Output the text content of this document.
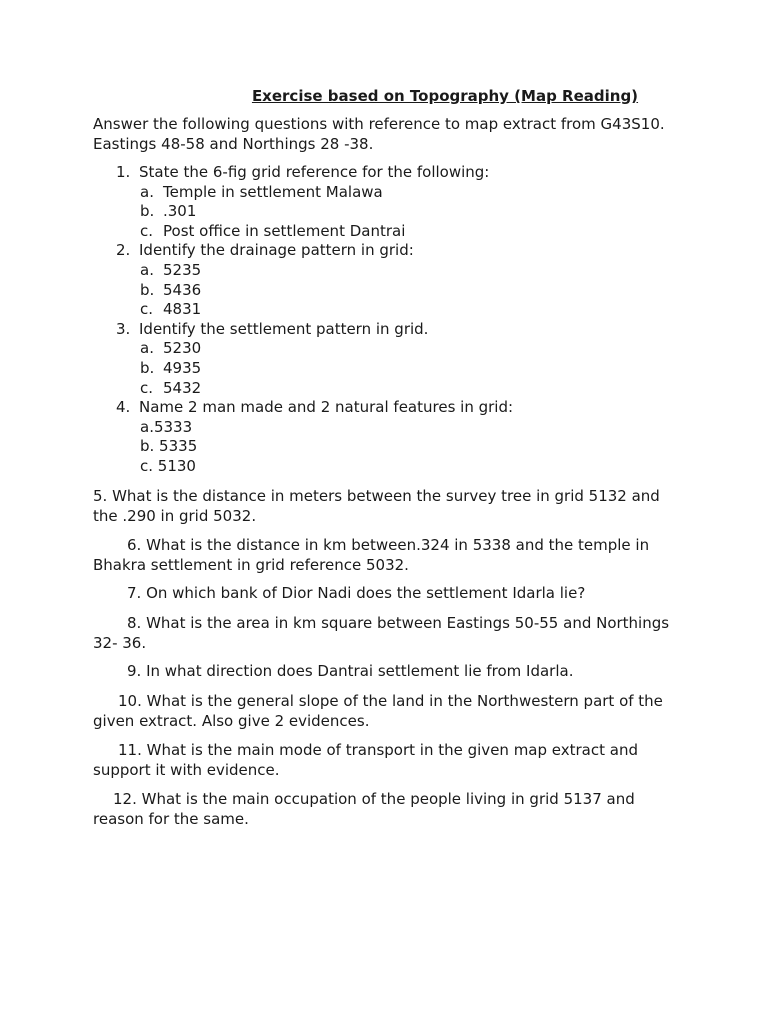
Exercise based on Topography (Map Reading)

Answer the following questions with reference to map extract from G43S10. Eastings 48-58 and Northings 28 -38.

1. State the 6-fig grid reference for the following:
a. Temple in settlement Malawa
b. .301
c. Post office in settlement Dantrai
2. Identify the drainage pattern in grid:
a. 5235
b. 5436
c. 4831
3. Identify the settlement pattern in grid.
a. 5230
b. 4935
c. 5432
4. Name 2 man made and 2 natural features in grid:
a.5333
b. 5335
c. 5130

5. What is the distance in meters between the survey tree in grid 5132 and the .290 in grid 5032.

6. What is the distance in km between.324 in 5338 and the temple in Bhakra settlement in grid reference 5032.

7. On which bank of Dior Nadi does the settlement Idarla lie?

8. What is the area in km square between Eastings 50-55 and Northings 32- 36.

9. In what direction does Dantrai settlement lie from Idarla.

10. What is the general slope of the land in the Northwestern part of the given extract. Also give 2 evidences.

11. What is the main mode of transport in the given map extract and support it with evidence.

12. What is the main occupation of the people living in grid 5137 and reason for the same.
